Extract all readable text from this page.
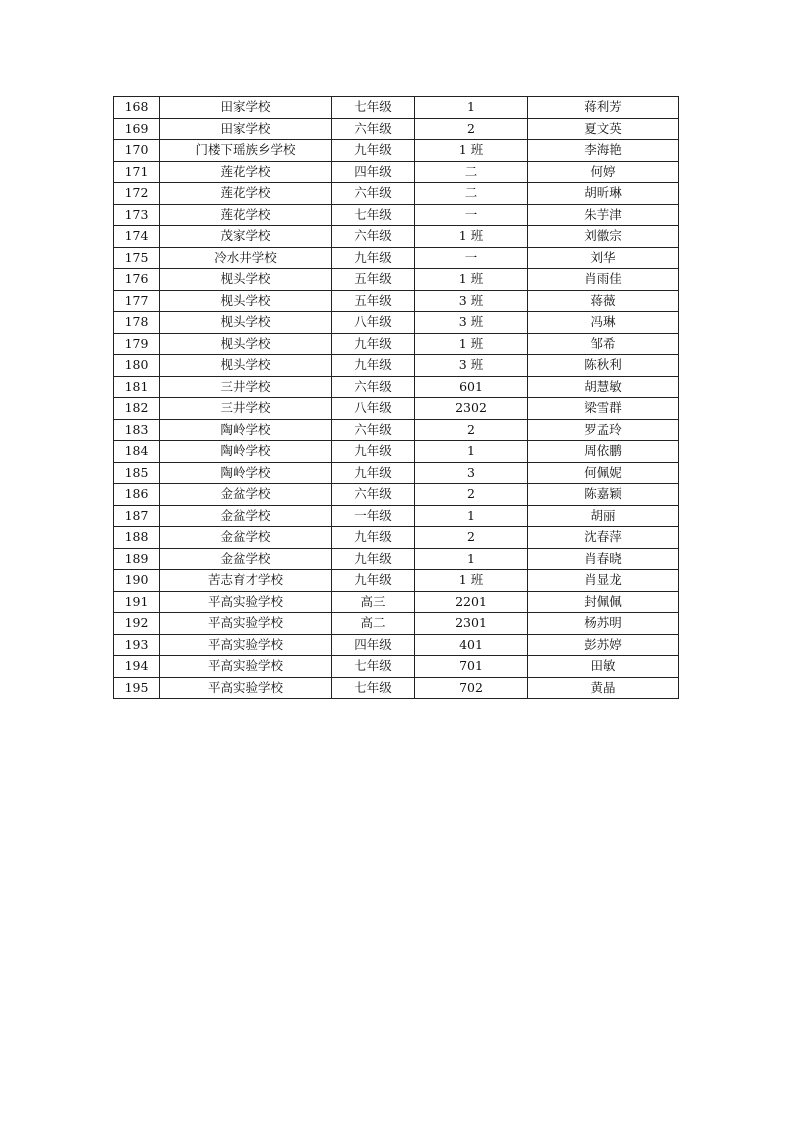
168	田家学校	七年级	1	蒋利芳
169	田家学校	六年级	2	夏文英
170	门楼下瑶族乡学校	九年级	1 班	李海艳
171	莲花学校	四年级	二	何婷
172	莲花学校	六年级	二	胡昕琳
173	莲花学校	七年级	一	朱芋津
174	茂家学校	六年级	1 班	刘徽宗
175	冷水井学校	九年级	一	刘华
176	枧头学校	五年级	1 班	肖雨佳
177	枧头学校	五年级	3 班	蒋薇
178	枧头学校	八年级	3 班	冯琳
179	枧头学校	九年级	1 班	邹希
180	枧头学校	九年级	3 班	陈秋利
181	三井学校	六年级	601	胡慧敏
182	三井学校	八年级	2302	梁雪群
183	陶岭学校	六年级	2	罗孟玲
184	陶岭学校	九年级	1	周依鹏
185	陶岭学校	九年级	3	何佩妮
186	金盆学校	六年级	2	陈嘉颖
187	金盆学校	一年级	1	胡丽
188	金盆学校	九年级	2	沈春萍
189	金盆学校	九年级	1	肖春晓
190	苦志育才学校	九年级	1 班	肖显龙
191	平高实验学校	高三	2201	封佩佩
192	平高实验学校	高二	2301	杨苏明
193	平高实验学校	四年级	401	彭苏婷
194	平高实验学校	七年级	701	田敏
195	平高实验学校	七年级	702	黄晶
